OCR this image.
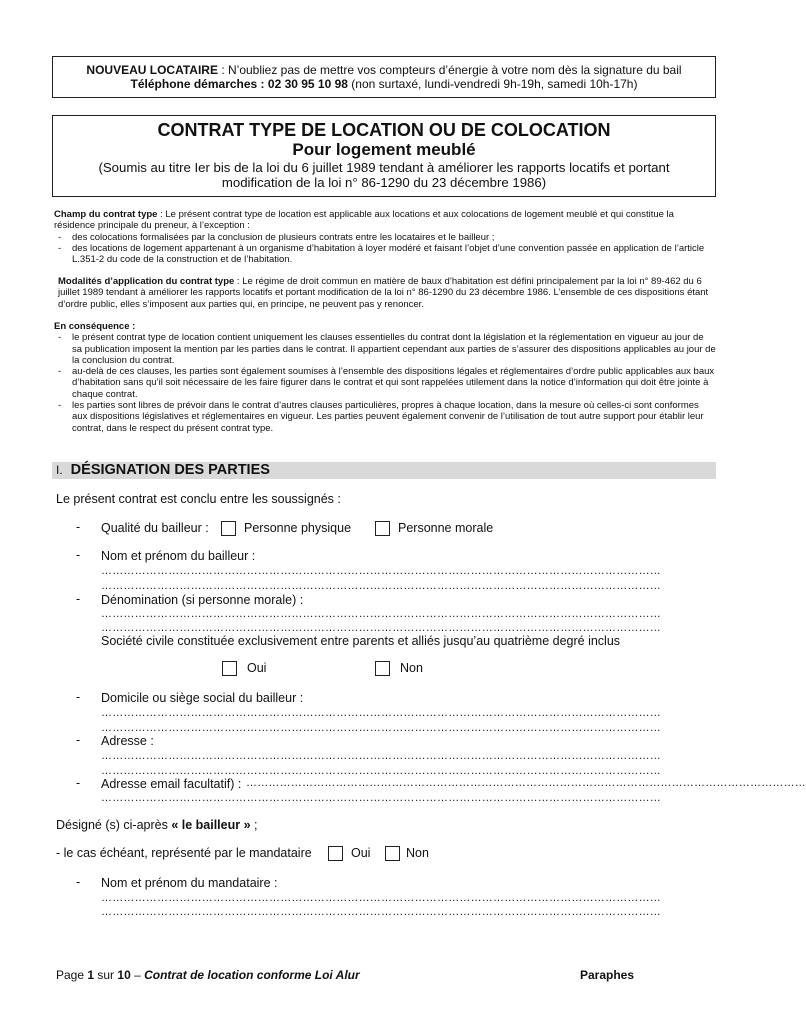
NOUVEAU LOCATAIRE : N’oubliez pas de mettre vos compteurs d’énergie à votre nom dès la signature du bail
Téléphone démarches : 02 30 95 10 98 (non surtaxé, lundi-vendredi 9h-19h, samedi 10h-17h)
CONTRAT TYPE DE LOCATION OU DE COLOCATION
Pour logement meublé
(Soumis au titre Ier bis de la loi du 6 juillet 1989 tendant à améliorer les rapports locatifs et portant
modification de la loi n° 86-1290 du 23 décembre 1986)

Champ du contrat type : Le présent contrat type de location est applicable aux locations et aux colocations de logement meublé et qui constitue la résidence principale du preneur, à l’exception :

-	des colocations formalisées par la conclusion de plusieurs contrats entre les locataires et le bailleur ;
-	des locations de logement appartenant à un organisme d’habitation à loyer modéré et faisant l’objet d’une convention passée en application de l’article L.351-2 du code de la construction et de l’habitation.

Modalités d’application du contrat type : Le régime de droit commun en matière de baux d’habitation est défini principalement par la loi n° 89-462 du 6 juillet 1989 tendant à améliorer les rapports locatifs et portant modification de la loi n° 86-1290 du 23 décembre 1986. L’ensemble de ces dispositions étant d’ordre public, elles s’imposent aux parties qui, en principe, ne peuvent pas y renoncer.

En conséquence :

-	le présent contrat type de location contient uniquement les clauses essentielles du contrat dont la législation et la réglementation en vigueur au jour de sa publication imposent la mention par les parties dans le contrat. Il appartient cependant aux parties de s’assurer des dispositions applicables au jour de la conclusion du contrat.
-	au-delà de ces clauses, les parties sont également soumises à l’ensemble des dispositions légales et réglementaires d’ordre public applicables aux baux d’habitation sans qu’il soit nécessaire de les faire figurer dans le contrat et qui sont rappelées utilement dans la notice d’information qui doit être jointe à chaque contrat.
-	les parties sont libres de prévoir dans le contrat d’autres clauses particulières, propres à chaque location, dans la mesure où celles-ci sont conformes aux dispositions législatives et réglementaires en vigueur. Les parties peuvent également convenir de l’utilisation de tout autre support pour établir leur contrat, dans le respect du présent contrat type.
I. DÉSIGNATION DES PARTIES
Le présent contrat est conclu entre les soussignés :
- Qualité du bailleur :	Personne physique	Personne morale
- Nom et prénom du bailleur :
……………………………………………………………………………………………………………………………………
……………………………………………………………………………………………………………………………………
- Dénomination (si personne morale) :
……………………………………………………………………………………………………………………………………
……………………………………………………………………………………………………………………………………
Société civile constituée exclusivement entre parents et alliés jusqu’au quatrième degré inclus
Oui	Non
- Domicile ou siège social du bailleur :
……………………………………………………………………………………………………………………………………
……………………………………………………………………………………………………………………………………
- Adresse :
……………………………………………………………………………………………………………………………………
……………………………………………………………………………………………………………………………………
- Adresse email facultatif) : ……………………………………………………………………………………………………………………………………
……………………………………………………………………………………………………………………………………
Désigné (s) ci-après « le bailleur » ;
- le cas échéant, représenté par le mandataire	Oui	Non
- Nom et prénom du mandataire :
……………………………………………………………………………………………………………………………………
……………………………………………………………………………………………………………………………………
Page 1 sur 10 – Contrat de location conforme Loi Alur	Paraphes
